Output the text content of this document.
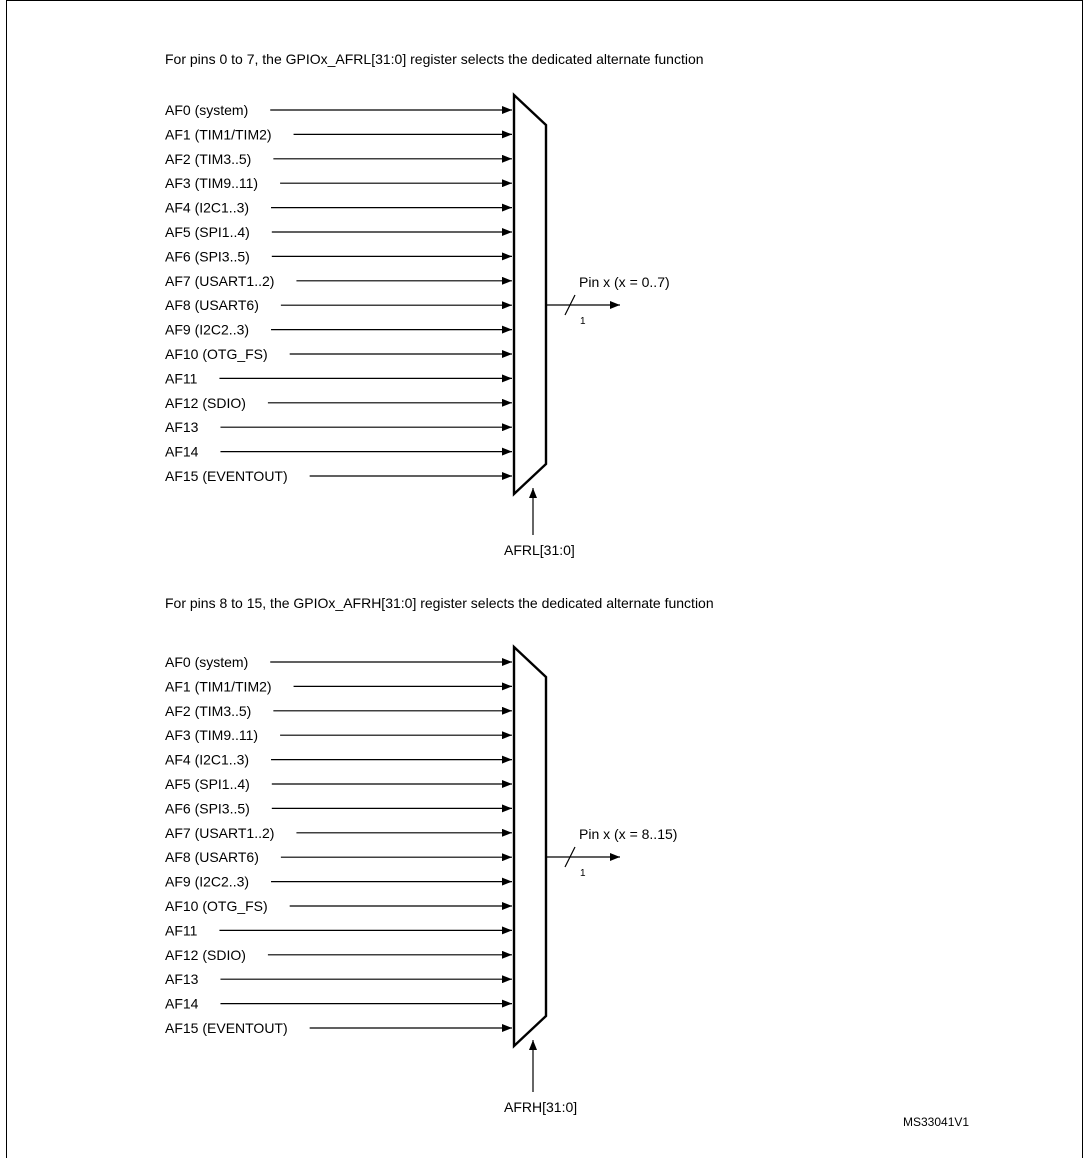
For pins 0 to 7, the GPIOx_AFRL[31:0] register selects the dedicated alternate function
AF0 (system)
AF1 (TIM1/TIM2)
AF2 (TIM3..5)
AF3 (TIM9..11)
AF4 (I2C1..3)
AF5 (SPI1..4)
AF6 (SPI3..5)
AF7 (USART1..2)
AF8 (USART6)
AF9 (I2C2..3)
AF10 (OTG_FS)
AF11
AF12 (SDIO)
AF13
AF14
AF15 (EVENTOUT)
Pin x (x = 0..7)
1
AFRL[31:0]
For pins 8 to 15, the GPIOx_AFRH[31:0] register selects the dedicated alternate function
AF0 (system)
AF1 (TIM1/TIM2)
AF2 (TIM3..5)
AF3 (TIM9..11)
AF4 (I2C1..3)
AF5 (SPI1..4)
AF6 (SPI3..5)
AF7 (USART1..2)
AF8 (USART6)
AF9 (I2C2..3)
AF10 (OTG_FS)
AF11
AF12 (SDIO)
AF13
AF14
AF15 (EVENTOUT)
Pin x (x = 8..15)
1
AFRH[31:0]
MS33041V1
